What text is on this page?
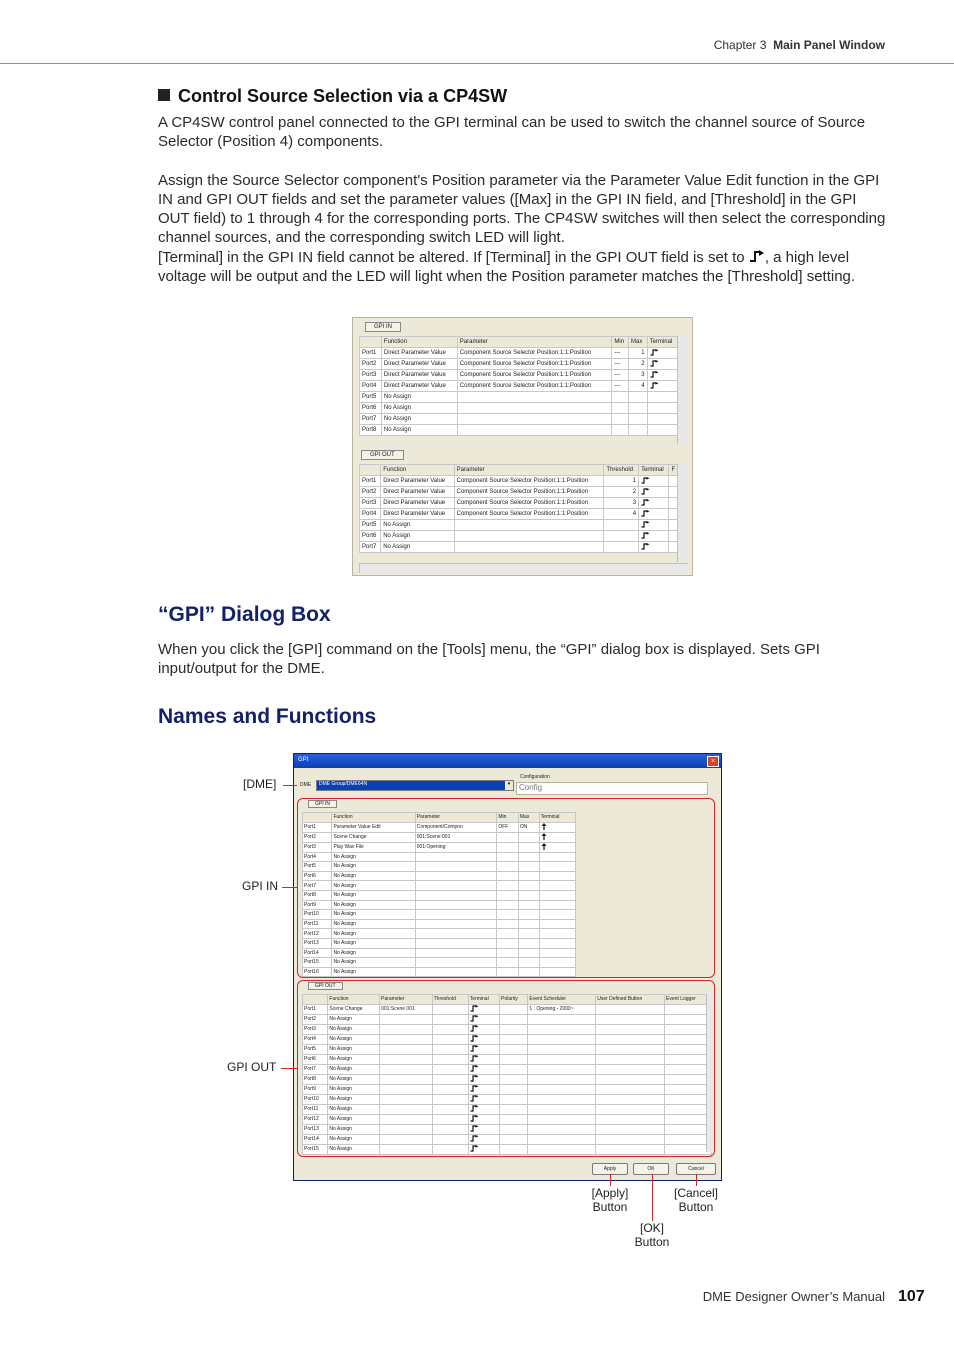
Chapter 3 Main Panel Window
Control Source Selection via a CP4SW
A CP4SW control panel connected to the GPI terminal can be used to switch the channel source of Source Selector (Position 4) components.
Assign the Source Selector component's Position parameter via the Parameter Value Edit function in the GPI IN and GPI OUT fields and set the parameter values ([Max] in the GPI IN field, and [Threshold] in the GPI OUT field) to 1 through 4 for the corresponding ports. The CP4SW switches will then select the corresponding channel sources, and the corresponding switch LED will light.
[Terminal] in the GPI IN field cannot be altered. If [Terminal] in the GPI OUT field is set to , a high level voltage will be output and the LED will light when the Position parameter matches the [Threshold] setting.
GPI IN
	Function	Parameter	Min	Max	Terminal
Port1	Direct Parameter Value	Component Source Selector Position:1:1:Position	---	1	
Port2	Direct Parameter Value	Component Source Selector Position:1:1:Position	---	2	
Port3	Direct Parameter Value	Component Source Selector Position:1:1:Position	---	3	
Port4	Direct Parameter Value	Component Source Selector Position:1:1:Position	---	4	
Port5	No Assign				
Port6	No Assign				
Port7	No Assign				
Port8	No Assign				
GPI OUT
	Function	Parameter	Threshold	Terminal	F
Port1	Direct Parameter Value	Component Source Selector Position:1:1:Position	1		
Port2	Direct Parameter Value	Component Source Selector Position:1:1:Position	2		
Port3	Direct Parameter Value	Component Source Selector Position:1:1:Position	3		
Port4	Direct Parameter Value	Component Source Selector Position:1:1:Position	4		
Port5	No Assign				
Port6	No Assign				
Port7	No Assign				
“GPI” Dialog Box
When you click the [GPI] command on the [Tools] menu, the “GPI” dialog box is displayed. Sets GPI input/output for the DME.
Names and Functions
GPI	×
DME	DME Group/DME64N	▾
Configuration
Config
GPI IN
	Function	Parameter	Min	Max	Terminal
Port1	Parameter Value Edit	Component/Compon	OFF	ON	
Port2	Scene Change	001:Scene 001			
Port3	Play Wav File	001:Opening			
Port4	No Assign				
Port5	No Assign				
Port6	No Assign				
Port7	No Assign				
Port8	No Assign				
Port9	No Assign				
Port10	No Assign				
Port11	No Assign				
Port12	No Assign				
Port13	No Assign				
Port14	No Assign				
Port15	No Assign				
Port16	No Assign				
GPI OUT
	Function	Parameter	Threshold	Terminal	Polarity	Event Scheduler	User Defined Button	Event Logger
Port1	Scene Change	001:Scene 001				1 : Opening - 2000~		
Port2	No Assign							
Port3	No Assign							
Port4	No Assign							
Port5	No Assign							
Port6	No Assign							
Port7	No Assign							
Port8	No Assign							
Port9	No Assign							
Port10	No Assign							
Port11	No Assign							
Port12	No Assign							
Port13	No Assign							
Port14	No Assign							
Port15	No Assign							
Apply	OK	Cancel
[DME]
GPI IN
GPI OUT
[Apply]
Button
[Cancel]
Button
[OK]
Button
DME Designer Owner’s Manual 107
